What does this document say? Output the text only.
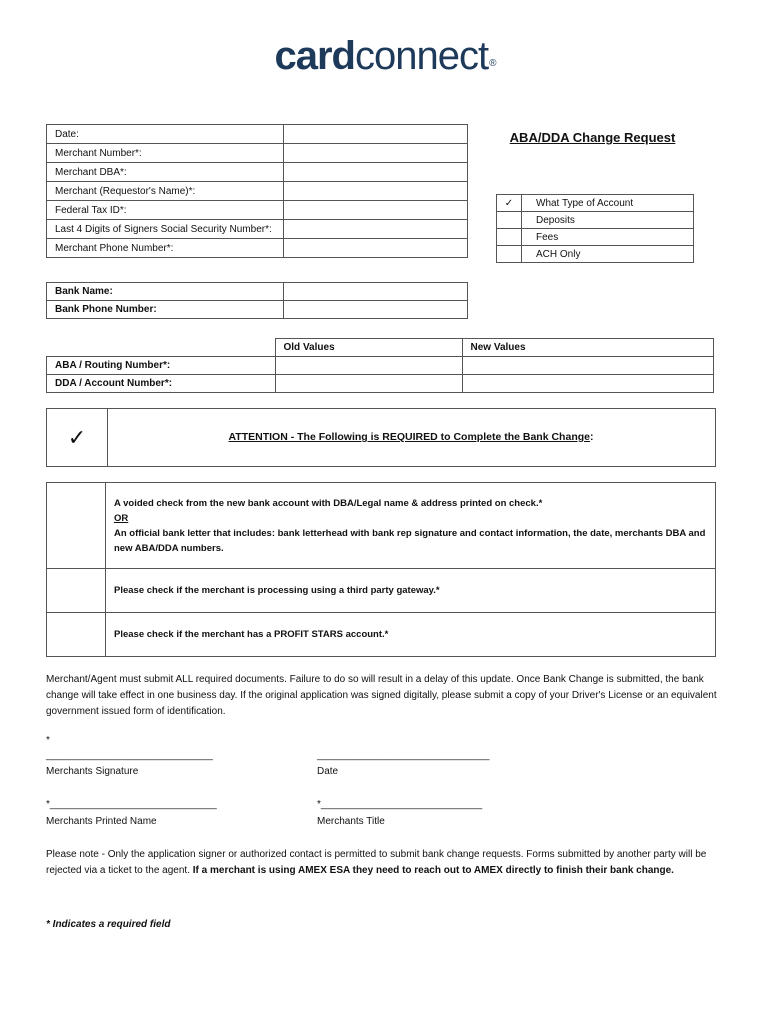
cardconnect®
Date:	
Merchant Number*:	
Merchant DBA*:	
Merchant (Requestor's Name)*:	
Federal Tax ID*:	
Last 4 Digits of Signers Social Security Number*:	
Merchant Phone Number*:	
ABA/DDA Change Request
✓	What Type of Account
	Deposits
	Fees
	ACH Only
Bank Name:	
Bank Phone Number:	
	Old Values	New Values
ABA / Routing Number*:		
DDA / Account Number*:		
✓	ATTENTION - The Following is REQUIRED to Complete the Bank Change:

	A voided check from the new bank account with DBA/Legal name & address printed on check.*
OR
An official bank letter that includes: bank letterhead with bank rep signature and contact information, the date, merchants DBA and new ABA/DDA numbers.

	Please check if the merchant is processing using a third party gateway.*
	Please check if the merchant has a PROFIT STARS account.*
Merchant/Agent must submit ALL required documents. Failure to do so will result in a delay of this update. Once Bank Change is submitted, the bank change will take effect in one business day. If the original application was signed digitally, please submit a copy of your Driver's License or an equivalent government issued form of identification.
*
______________________________	_______________________________
Merchants Signature	Date
*______________________________	*_____________________________
Merchants Printed Name	Merchants Title
Please note - Only the application signer or authorized contact is permitted to submit bank change requests. Forms submitted by another party will be rejected via a ticket to the agent. If a merchant is using AMEX ESA they need to reach out to AMEX directly to finish their bank change.
* Indicates a required field
